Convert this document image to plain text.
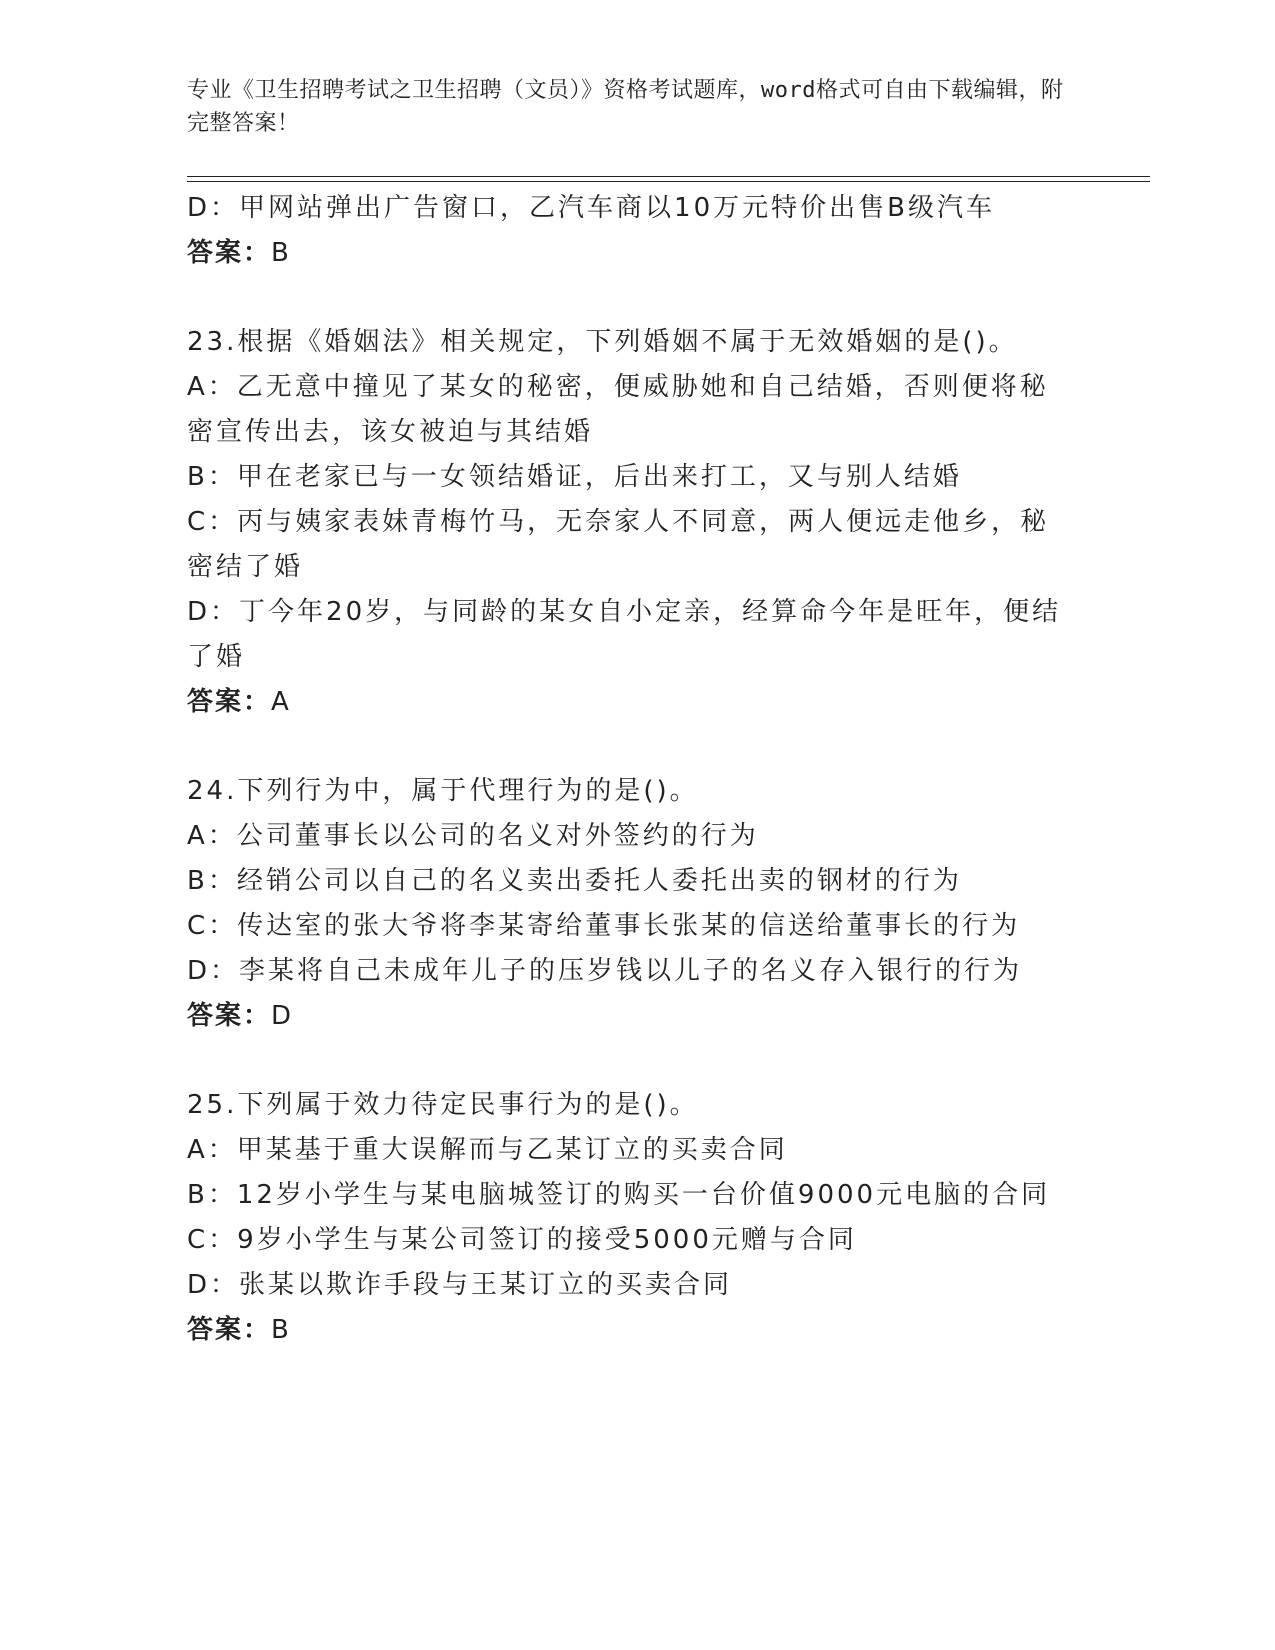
专业《卫生招聘考试之卫生招聘（文员）》资格考试题库，word格式可自由下载编辑，附完整答案！
D：甲网站弹出广告窗口，乙汽车商以10万元特价出售B级汽车
答案：B
23.根据《婚姻法》相关规定，下列婚姻不属于无效婚姻的是()。
A：乙无意中撞见了某女的秘密，便威胁她和自己结婚，否则便将秘密宣传出去，该女被迫与其结婚
B：甲在老家已与一女领结婚证，后出来打工，又与别人结婚
C：丙与姨家表妹青梅竹马，无奈家人不同意，两人便远走他乡，秘密结了婚
D：丁今年20岁，与同龄的某女自小定亲，经算命今年是旺年，便结了婚
答案：A
24.下列行为中，属于代理行为的是()。
A：公司董事长以公司的名义对外签约的行为
B：经销公司以自己的名义卖出委托人委托出卖的钢材的行为
C：传达室的张大爷将李某寄给董事长张某的信送给董事长的行为
D：李某将自己未成年儿子的压岁钱以儿子的名义存入银行的行为
答案：D
25.下列属于效力待定民事行为的是()。
A：甲某基于重大误解而与乙某订立的买卖合同
B：12岁小学生与某电脑城签订的购买一台价值9000元电脑的合同
C：9岁小学生与某公司签订的接受5000元赠与合同
D：张某以欺诈手段与王某订立的买卖合同
答案：B
